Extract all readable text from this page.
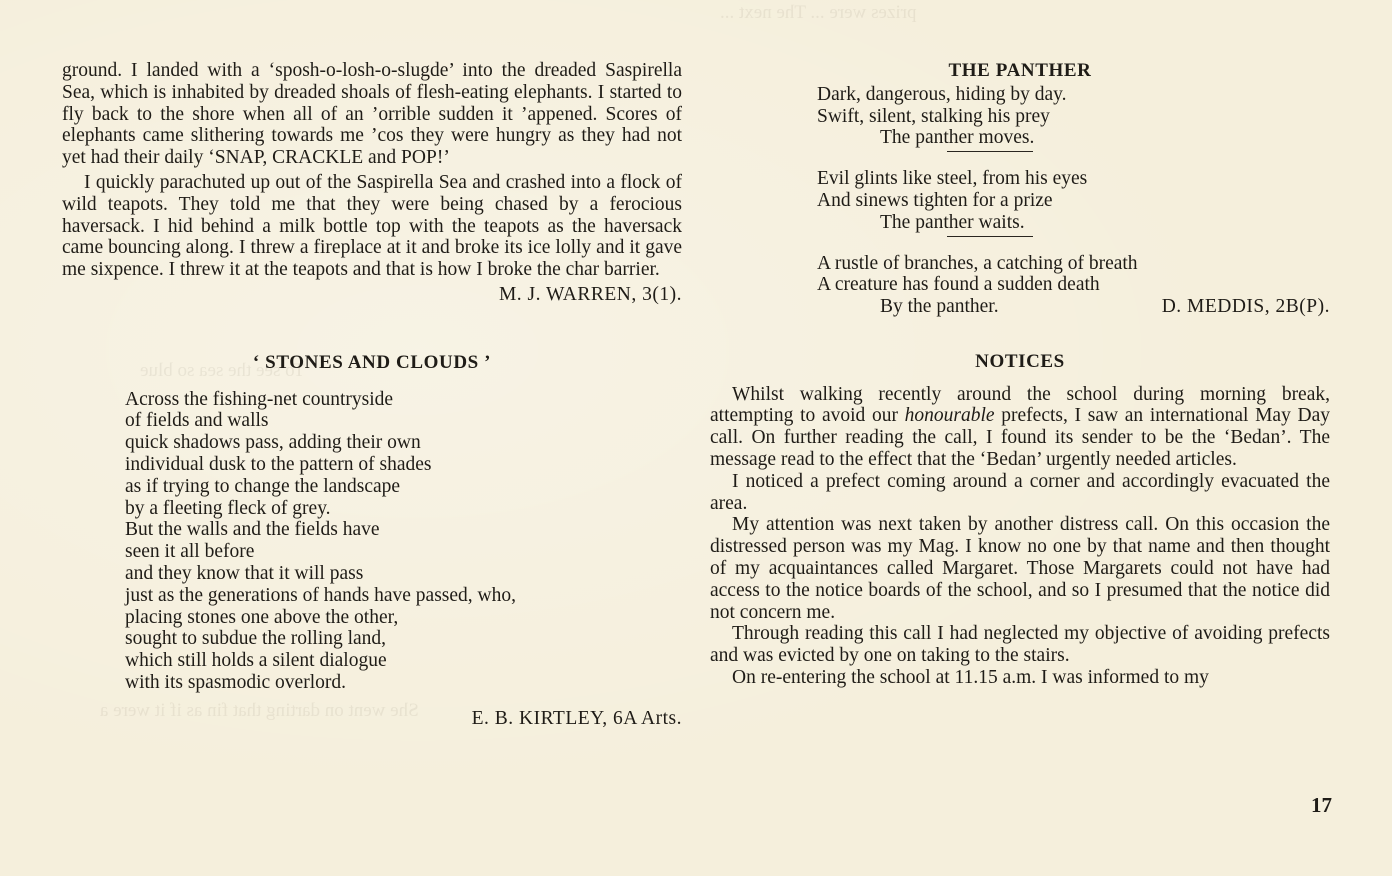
prizes were ... The next ...
To see the sea so blue
She went on darting that fin as if it were a

ground. I landed with a ‘sposh-o-losh-o-slugde’ into the dreaded Saspirella Sea, which is inhabited by dreaded shoals of flesh-eating elephants. I started to fly back to the shore when all of an ’orrible sudden it ’appened. Scores of elephants came slithering towards me ’cos they were hungry as they had not yet had their daily ‘SNAP, CRACKLE and POP!’

I quickly parachuted up out of the Saspirella Sea and crashed into a flock of wild teapots. They told me that they were being chased by a ferocious haversack. I hid behind a milk bottle top with the teapots as the haversack came bouncing along. I threw a fireplace at it and broke its ice lolly and it gave me sixpence. I threw it at the teapots and that is how I broke the char barrier.

M. J. WARREN, 3(1).

‘ STONES AND CLOUDS ’

Across the fishing-net countryside

of fields and walls

quick shadows pass, adding their own

individual dusk to the pattern of shades

as if trying to change the landscape

by a fleeting fleck of grey.

But the walls and the fields have

seen it all before

and they know that it will pass

just as the generations of hands have passed, who,

placing stones one above the other,

sought to subdue the rolling land,

which still holds a silent dialogue

with its spasmodic overlord.

E. B. KIRTLEY, 6A Arts.

THE PANTHER

Dark, dangerous, hiding by day.

Swift, silent, stalking his prey

The panther moves.

Evil glints like steel, from his eyes

And sinews tighten for a prize

The panther waits.

A rustle of branches, a catching of breath

A creature has found a sudden death

By the panther.	D. MEDDIS, 2B(P).

NOTICES

Whilst walking recently around the school during morning break, attempting to avoid our honourable prefects, I saw an international May Day call. On further reading the call, I found its sender to be the ‘Bedan’. The message read to the effect that the ‘Bedan’ urgently needed articles.

I noticed a prefect coming around a corner and accordingly evacuated the area.

My attention was next taken by another distress call. On this occasion the distressed person was my Mag. I know no one by that name and then thought of my acquaintances called Margaret. Those Margarets could not have had access to the notice boards of the school, and so I presumed that the notice did not concern me.

Through reading this call I had neglected my objective of avoiding prefects and was evicted by one on taking to the stairs.

On re-entering the school at 11.15 a.m. I was informed to my

17
